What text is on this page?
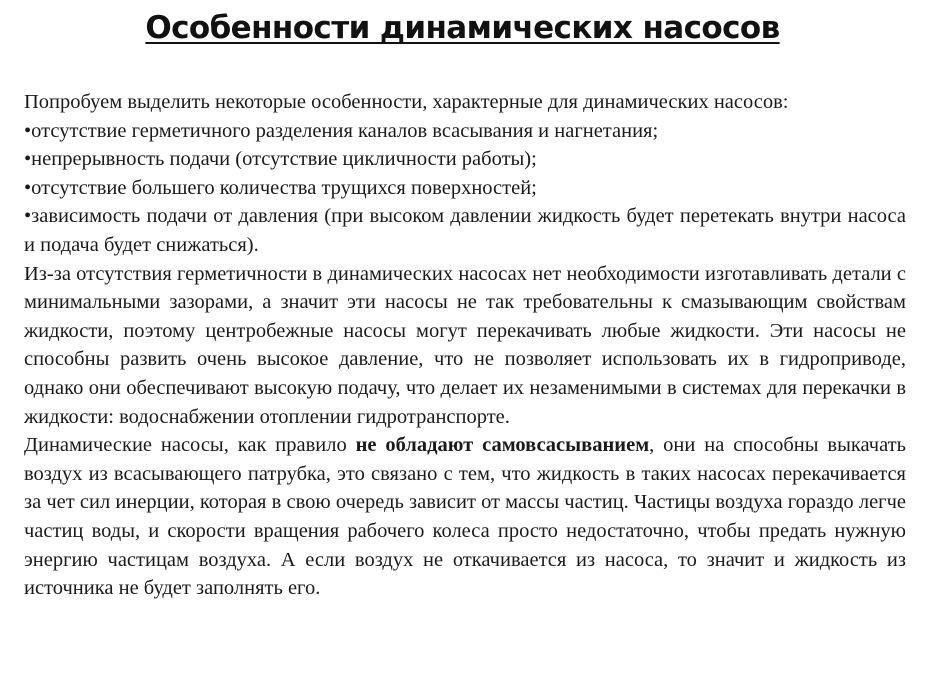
Особенности динамических насосов

Попробуем выделить некоторые особенности, характерные для динамических насосов:

•отсутствие герметичного разделения каналов всасывания и нагнетания;

•непрерывность подачи (отсутствие цикличности работы);

•отсутствие большего количества трущихся поверхностей;

•зависимость подачи от давления (при высоком давлении жидкость будет перетекать внутри насоса и подача будет снижаться).

Из-за отсутствия герметичности в динамических насосах нет необходимости изготавливать детали с минимальными зазорами, а значит эти насосы не так требовательны к смазывающим свойствам жидкости, поэтому центробежные насосы могут перекачивать любые жидкости. Эти насосы не способны развить очень высокое давление, что не позволяет использовать их в гидроприводе, однако они обеспечивают высокую подачу, что делает их незаменимыми в системах для перекачки в жидкости: водоснабжении отоплении гидротранспорте.

Динамические насосы, как правило не обладают самовсасыванием, они на способны выкачать воздух из всасывающего патрубка, это связано с тем, что жидкость в таких насосах перекачивается за чет сил инерции, которая в свою очередь зависит от массы частиц. Частицы воздуха гораздо легче частиц воды, и скорости вращения рабочего колеса просто недостаточно, чтобы предать нужную энергию частицам воздуха. А если воздух не откачивается из насоса, то значит и жидкость из источника не будет заполнять его.
